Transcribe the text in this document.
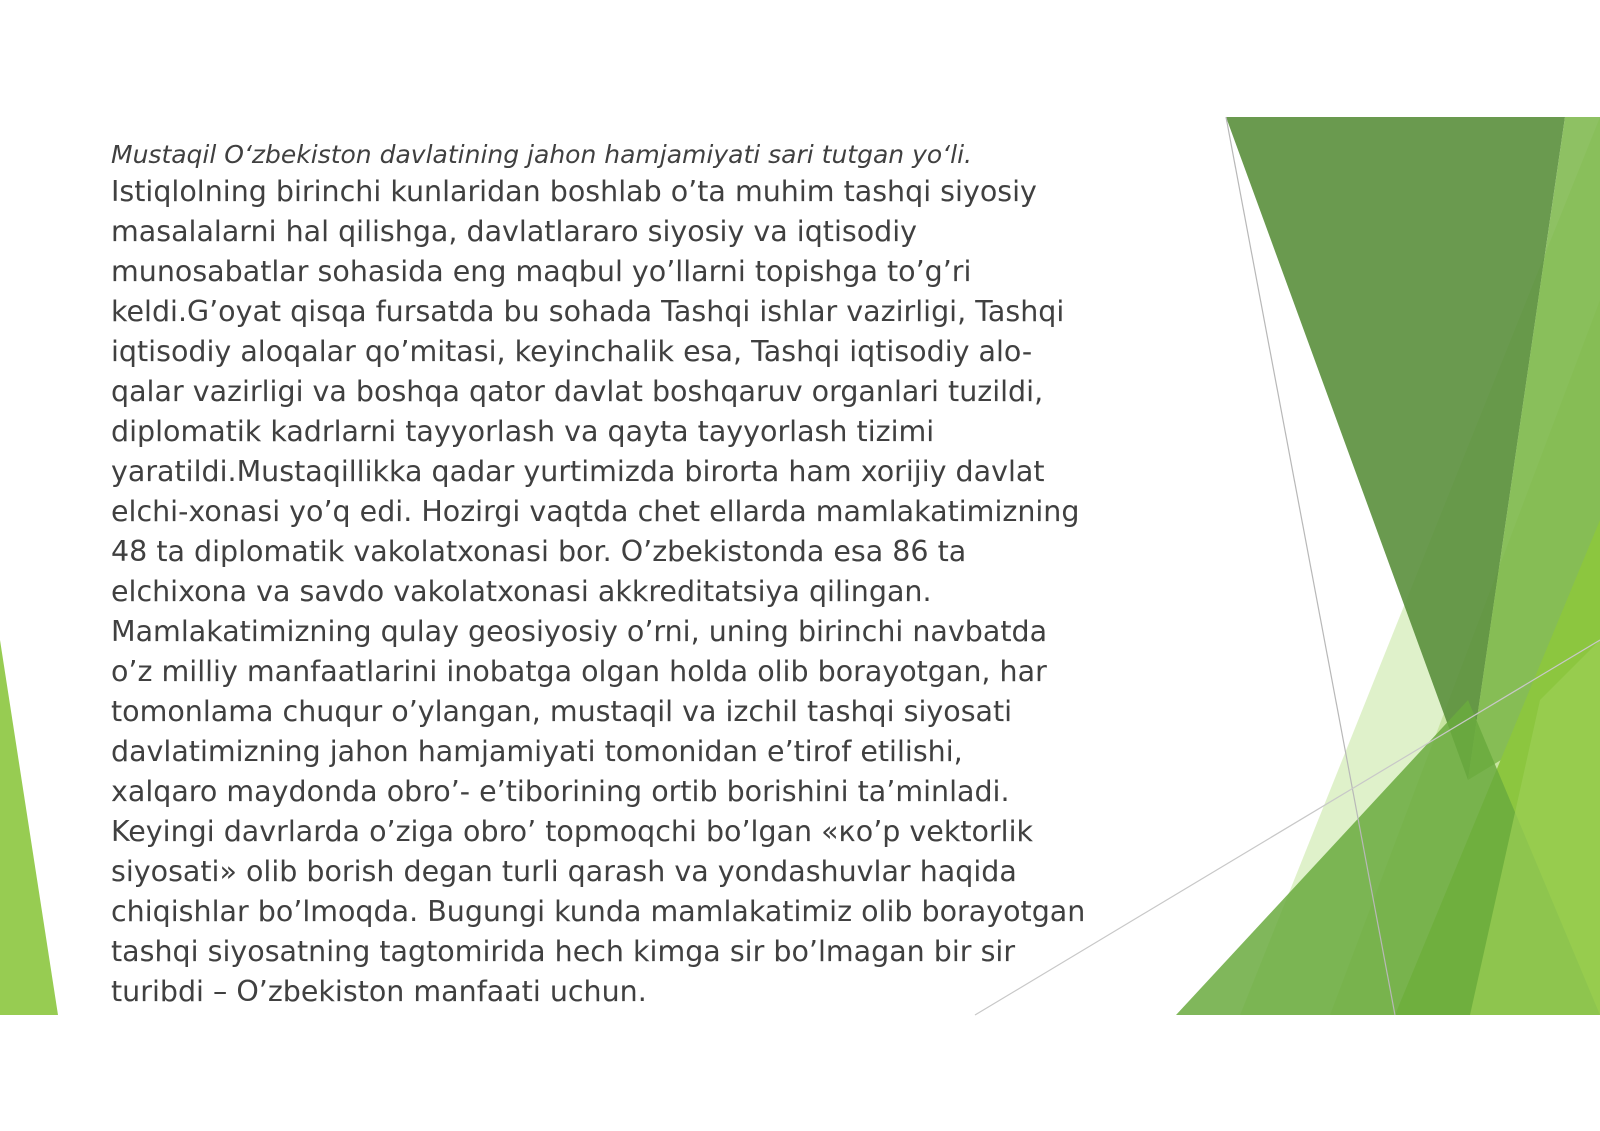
Mustaqil O‘zbekiston davlatining jahon hamjamiyati sari tutgan yo‘li.
Istiqlolning birinchi kunlaridan boshlab o’ta muhim tashqi siyosiy
masalalarni hal qilishga, davlatlararo siyosiy va iqtisodiy
munosabatlar sohasida eng maqbul yo’llarni topishga to’g’ri
keldi.G’oyat qisqa fursatda bu sohada Tashqi ishlar vazirligi, Tashqi
iqtisodiy aloqalar qo’mitasi, keyinchalik esa, Tashqi iqtisodiy alo-
qalar vazirligi va boshqa qator davlat boshqaruv organlari tuzildi,
diplomatik kadrlarni tayyorlash va qayta tayyorlash tizimi
yaratildi.Mustaqillikka qadar yurtimizda birorta ham xorijiy davlat
elchi-xonasi yo’q edi. Hozirgi vaqtda chet ellarda mamlakatimizning
48 ta diplomatik vakolatxonasi bor. O’zbekistonda esa 86 ta
elchixona va savdo vakolatxonasi akkreditatsiya qilingan.
Mamlakatimizning qulay geosiyosiy o’rni, uning birinchi navbatda
o’z milliy manfaatlarini inobatga olgan holda olib borayotgan, har
tomonlama chuqur o’ylangan, mustaqil va izchil tashqi siyosati
davlatimizning jahon hamjamiyati tomonidan e’tirof etilishi,
xalqaro maydonda obro’- e’tiborining ortib borishini ta’minladi.
Keyingi davrlarda o’ziga obro’ topmoqchi bo’lgan «ко’р vektorlik
siyosati» olib borish degan turli qarash va yondashuvlar haqida
chiqishlar bo’lmoqda. Bugungi kunda mamlakatimiz olib borayotgan
tashqi siyosatning tagtomirida hech kimga sir bo’lmagan bir sir
turibdi – O’zbekiston manfaati uchun.
